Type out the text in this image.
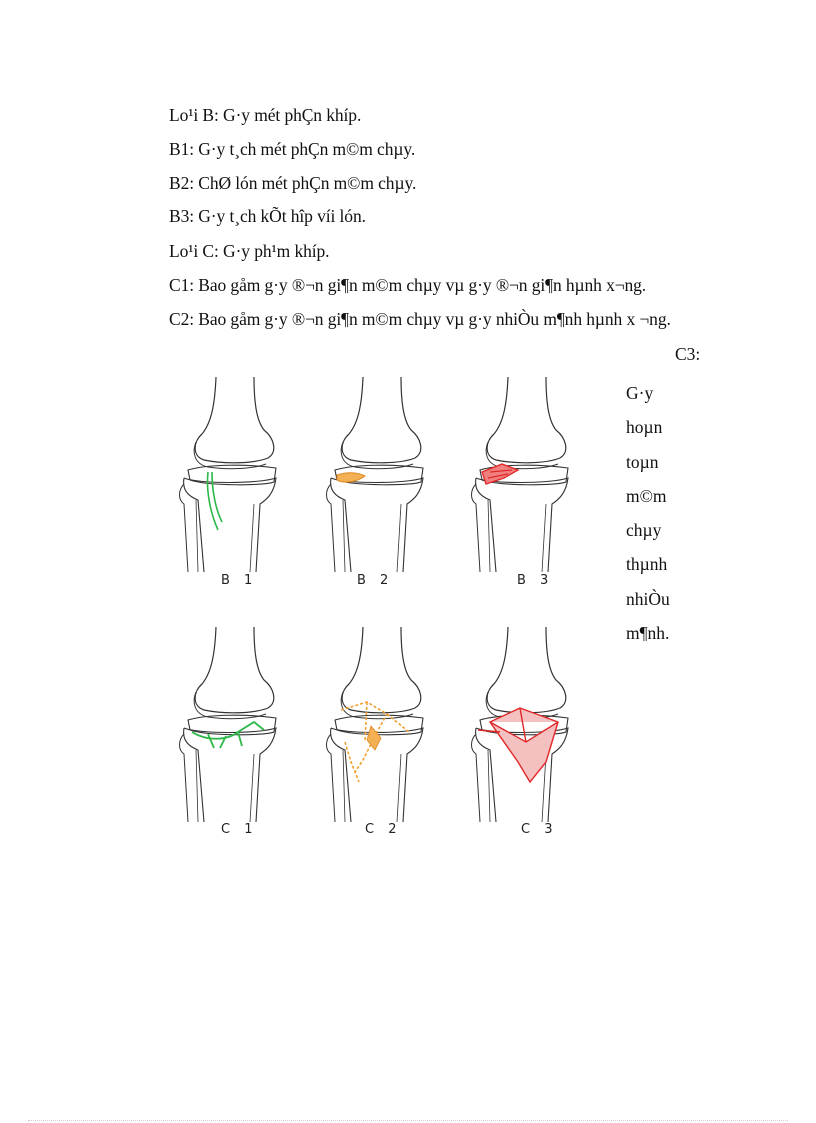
Lo¹i B: G·y mét phÇn khíp.
B1: G·y t¸ch mét phÇn m©m chµy.
B2: ChØ lón mét phÇn m©m chµy.
B3: G·y t¸ch kÕt hîp víi lón.
Lo¹i C: G·y ph¹m khíp.
C1: Bao gåm g·y ®¬n gi¶n m©m chµy vµ g·y ®¬n gi¶n hµnh x¬ng.
C2: Bao gåm g·y ®¬n gi¶n m©m chµy vµ g·y nhiÒu m¶nh hµnh x ¬ng.
C3:
G·y
hoµn
toµn
m©m
chµy
thµnh
nhiÒu
m¶nh.
B 1	B 2	B 3
C 1	C 2	C 3
